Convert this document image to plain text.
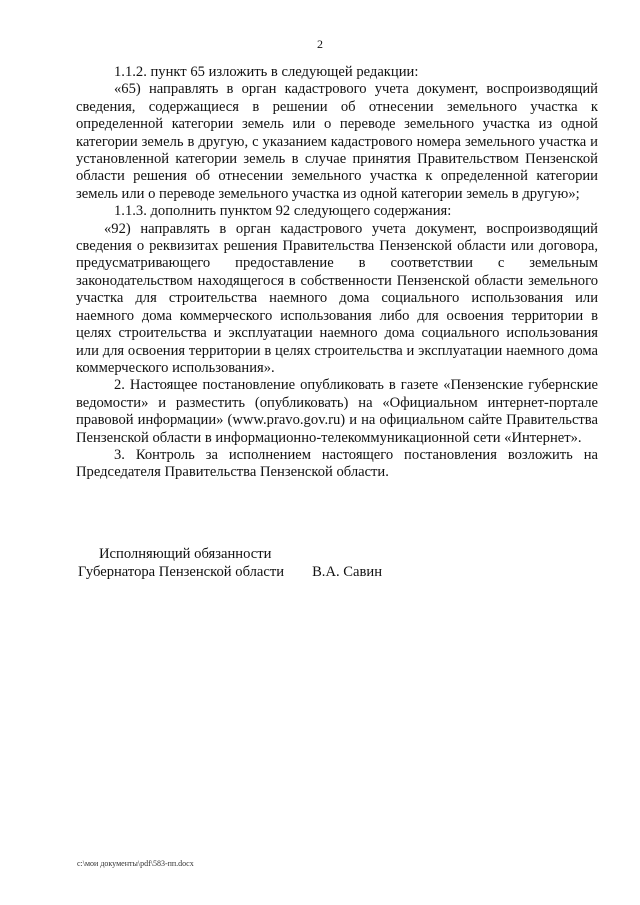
2

1.1.2. пункт 65 изложить в следующей редакции:

«65) направлять в орган кадастрового учета документ, воспроизводящий сведения, содержащиеся в решении об отнесении земельного участка к определенной категории земель или о переводе земельного участка из одной категории земель в другую, с указанием кадастрового номера земельного участка и установленной категории земель в случае принятия Правительством Пензенской области решения об отнесении земельного участка к определенной категории земель или о переводе земельного участка из одной категории земель в другую»;

1.1.3. дополнить пунктом 92 следующего содержания:

«92) направлять в орган кадастрового учета документ, воспроизводящий сведения о реквизитах решения Правительства Пензенской области или договора, предусматривающего предоставление в соответствии с земельным законодательством находящегося в собственности Пензенской области земельного участка для строительства наемного дома социального использования или наемного дома коммерческого использования либо для освоения территории в целях строительства и эксплуатации наемного дома социального использования или для освоения территории в целях строительства и эксплуатации наемного дома коммерческого использования».

2. Настоящее постановление опубликовать в газете «Пензенские губернские ведомости» и разместить (опубликовать) на «Официальном интернет-портале правовой информации» (www.pravo.gov.ru) и на официальном сайте Правительства Пензенской области в информационно-телекоммуникационной сети «Интернет».

3. Контроль за исполнением настоящего постановления возложить на Председателя Правительства Пензенской области.

Исполняющий обязанности
Губернатора Пензенской области В.А. Савин
c:\мои документы\pdf\583-пп.docx
